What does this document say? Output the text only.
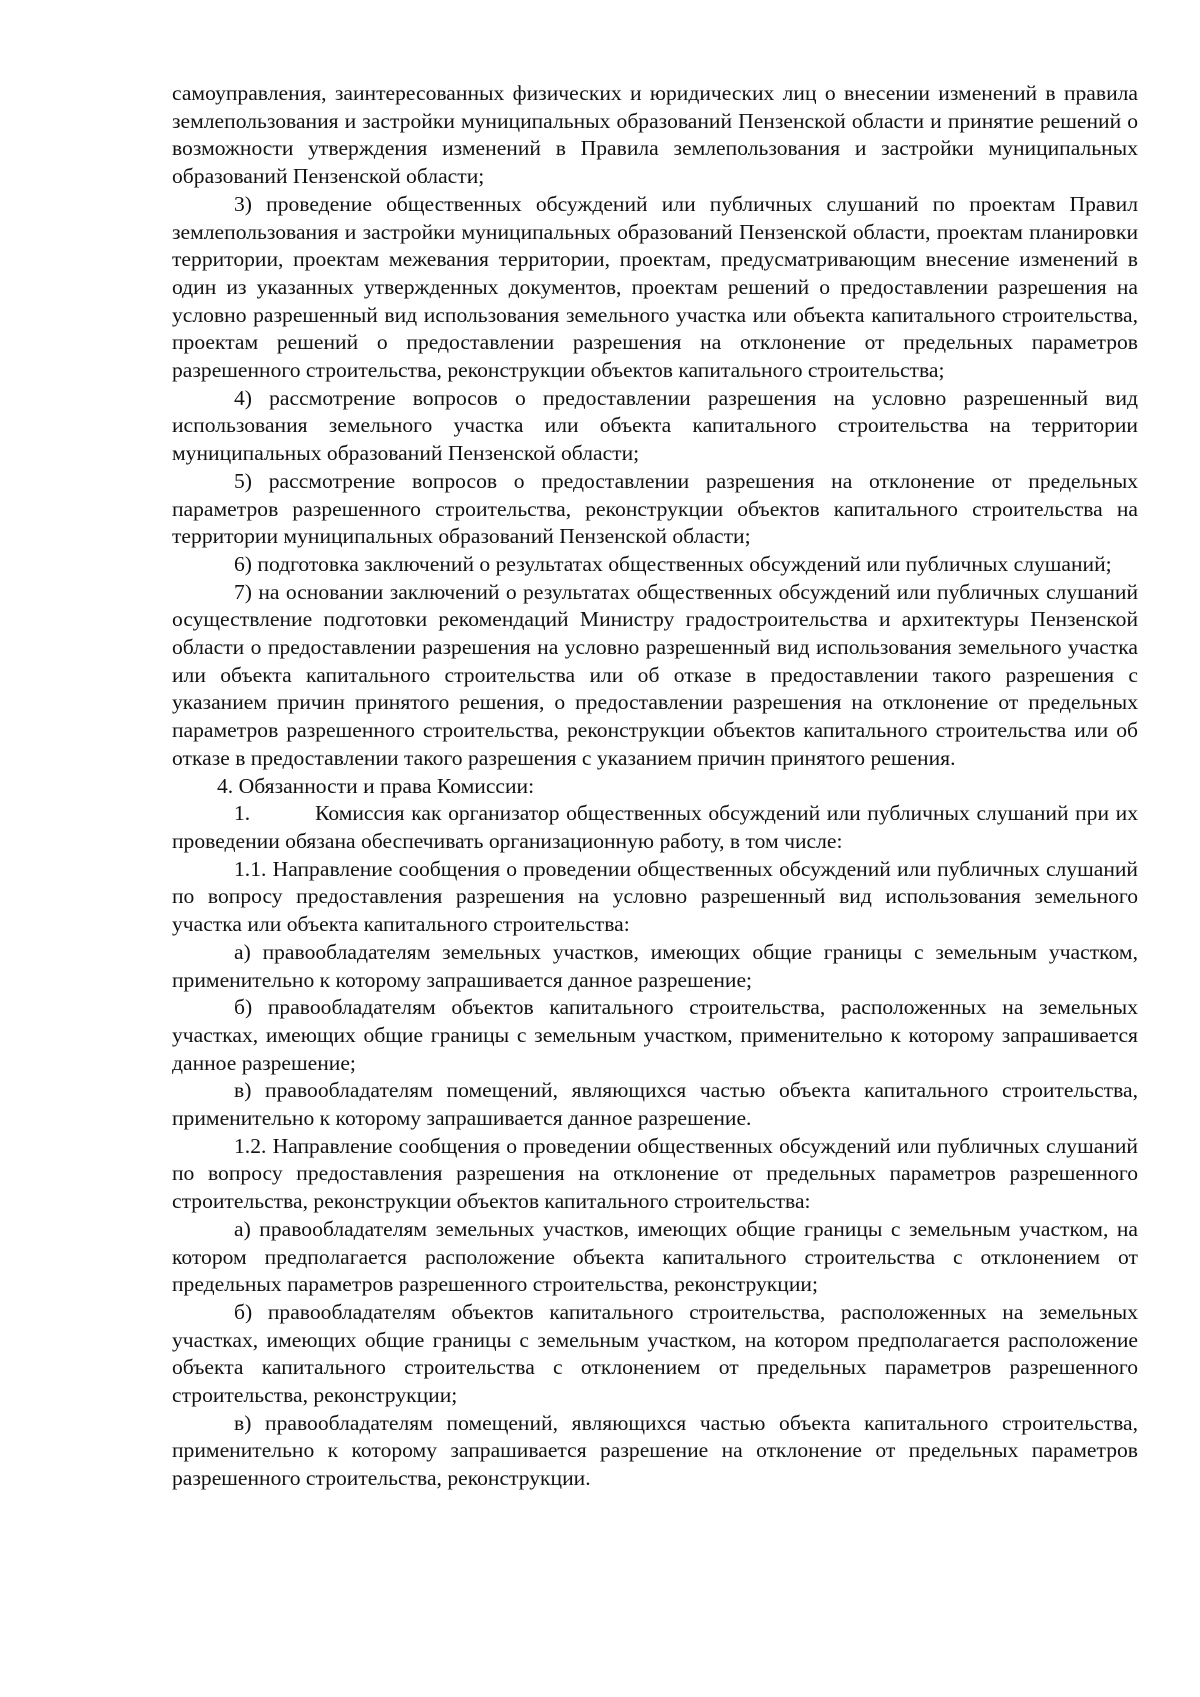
самоуправления, заинтересованных физических и юридических лиц о внесении изменений в правила землепользования и застройки муниципальных образований Пензенской области и принятие решений о возможности утверждения изменений в Правила землепользования и застройки муниципальных образований Пензенской области;

3) проведение общественных обсуждений или публичных слушаний по проектам Правил землепользования и застройки муниципальных образований Пензенской области, проектам планировки территории, проектам межевания территории, проектам, предусматривающим внесение изменений в один из указанных утвержденных документов, проектам решений о предоставлении разрешения на условно разрешенный вид использования земельного участка или объекта капитального строительства, проектам решений о предоставлении разрешения на отклонение от предельных параметров разрешенного строительства, реконструкции объектов капитального строительства;

4) рассмотрение вопросов о предоставлении разрешения на условно разрешенный вид использования земельного участка или объекта капитального строительства на территории муниципальных образований Пензенской области;

5) рассмотрение вопросов о предоставлении разрешения на отклонение от предельных параметров разрешенного строительства, реконструкции объектов капитального строительства на территории муниципальных образований Пензенской области;

6) подготовка заключений о результатах общественных обсуждений или публичных слушаний;

7) на основании заключений о результатах общественных обсуждений или публичных слушаний осуществление подготовки рекомендаций Министру градостроительства и архитектуры Пензенской области о предоставлении разрешения на условно разрешенный вид использования земельного участка или объекта капитального строительства или об отказе в предоставлении такого разрешения с указанием причин принятого решения, о предоставлении разрешения на отклонение от предельных параметров разрешенного строительства, реконструкции объектов капитального строительства или об отказе в предоставлении такого разрешения с указанием причин принятого решения.

4. Обязанности и права Комиссии:

1.	Комиссия как организатор общественных обсуждений или публичных слушаний при их проведении обязана обеспечивать организационную работу, в том числе:

1.1. Направление сообщения о проведении общественных обсуждений или публичных слушаний по вопросу предоставления разрешения на условно разрешенный вид использования земельного участка или объекта капитального строительства:

а) правообладателям земельных участков, имеющих общие границы с земельным участком, применительно к которому запрашивается данное разрешение;

б) правообладателям объектов капитального строительства, расположенных на земельных участках, имеющих общие границы с земельным участком, применительно к которому запрашивается данное разрешение;

в) правообладателям помещений, являющихся частью объекта капитального строительства, применительно к которому запрашивается данное разрешение.

1.2. Направление сообщения о проведении общественных обсуждений или публичных слушаний по вопросу предоставления разрешения на отклонение от предельных параметров разрешенного строительства, реконструкции объектов капитального строительства:

а) правообладателям земельных участков, имеющих общие границы с земельным участком, на котором предполагается расположение объекта капитального строительства с отклонением от предельных параметров разрешенного строительства, реконструкции;

б) правообладателям объектов капитального строительства, расположенных на земельных участках, имеющих общие границы с земельным участком, на котором предполагается расположение объекта капитального строительства с отклонением от предельных параметров разрешенного строительства, реконструкции;

в) правообладателям помещений, являющихся частью объекта капитального строительства, применительно к которому запрашивается разрешение на отклонение от предельных параметров разрешенного строительства, реконструкции.
